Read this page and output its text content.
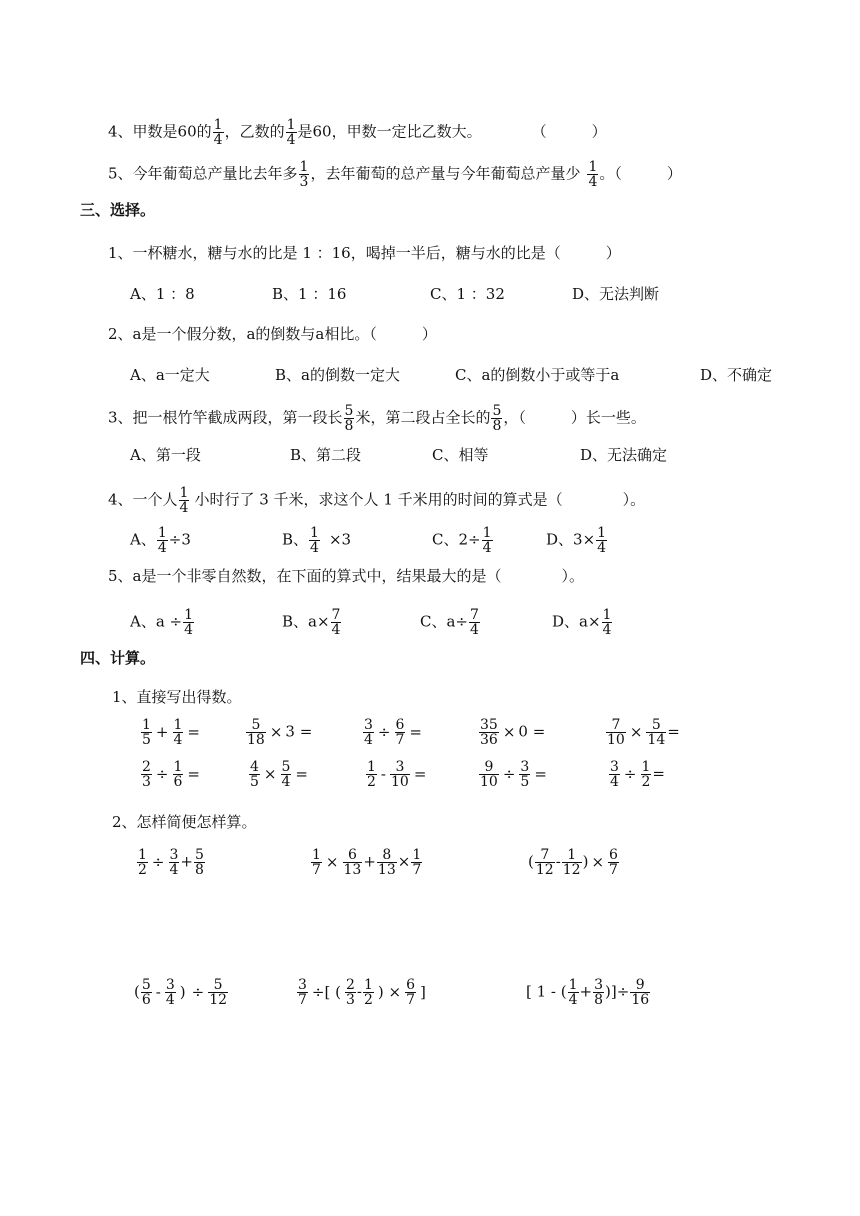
4、甲数是60的 $\frac{1}{4}$ ，乙数的 $\frac{1}{4}$ 是60，甲数一定比乙数大。	（　　　）
5、今年葡萄总产量比去年多 $\frac{1}{3}$ ，去年葡萄的总产量与今年葡萄总产量少 $\frac{1}{4}$ 。（　　　）
三、选择。
1、一杯糖水，糖与水的比是 1 ：16，喝掉一半后，糖与水的比是（　　　）
A、1 ：8	B、1 ：16	C、1 ：32	D、无法判断
2、a是一个假分数，a的倒数与a相比。（　　　）
A、a一定大	B、a的倒数一定大	C、a的倒数小于或等于a	D、不确定
3、把一根竹竿截成两段，第一段长 $\frac{5}{8}$ 米，第二段占全长的 $\frac{5}{8}$ ，（　　　）长一些。
A、第一段	B、第二段	C、相等	D、无法确定
4、一个人 $\frac{1}{4}$ 小时行了 3 千米，求这个人 1 千米用的时间的算式是（　　　　）。
A、 $\frac{1}{4} \div 3$	B、 $\frac{1}{4} \times 3$	C、$2\div \frac{1}{4}$	D、$3\times \frac{1}{4}$
5、a是一个非零自然数，在下面的算式中，结果最大的是（　　　　）。
A、$a \div \frac{1}{4}$	B、$a\times \frac{7}{4}$	C、$a\div \frac{7}{4}$	D、$a\times \frac{1}{4}$
四、计算。
1、直接写出得数。
$\frac{1}{5} + \frac{1}{4}$ =	$\frac{5}{18} \times 3$ =	$\frac{3}{4} \div \frac{6}{7}$ =	$\frac{35}{36} \times 0$ =	$\frac{7}{10} \times \frac{5}{14}$ =
$\frac{2}{3} \div \frac{1}{6}$ =	$\frac{4}{5} \times \frac{5}{4}$ =	$\frac{1}{2} - \frac{3}{10}$ =	$\frac{9}{10} \div \frac{3}{5}$ =	$\frac{3}{4} \div \frac{1}{2}$ =
2、怎样简便怎样算。
$\frac{1}{2} \div \frac{3}{4} + \frac{5}{8}$	$\frac{1}{7} \times \frac{6}{13} + \frac{8}{13} \times \frac{1}{7}$	( $\frac{7}{12} - \frac{1}{12}$ ) × $\frac{6}{7}$
( $\frac{5}{6} - \frac{3}{4}$ ) ÷ $\frac{5}{12}$	$\frac{3}{7}$ ÷[ ( $\frac{2}{3} - \frac{1}{2}$ ) × $\frac{6}{7}$ ]	[ 1 - ( $\frac{1}{4} + \frac{3}{8}$ )]÷ $\frac{9}{16}$
